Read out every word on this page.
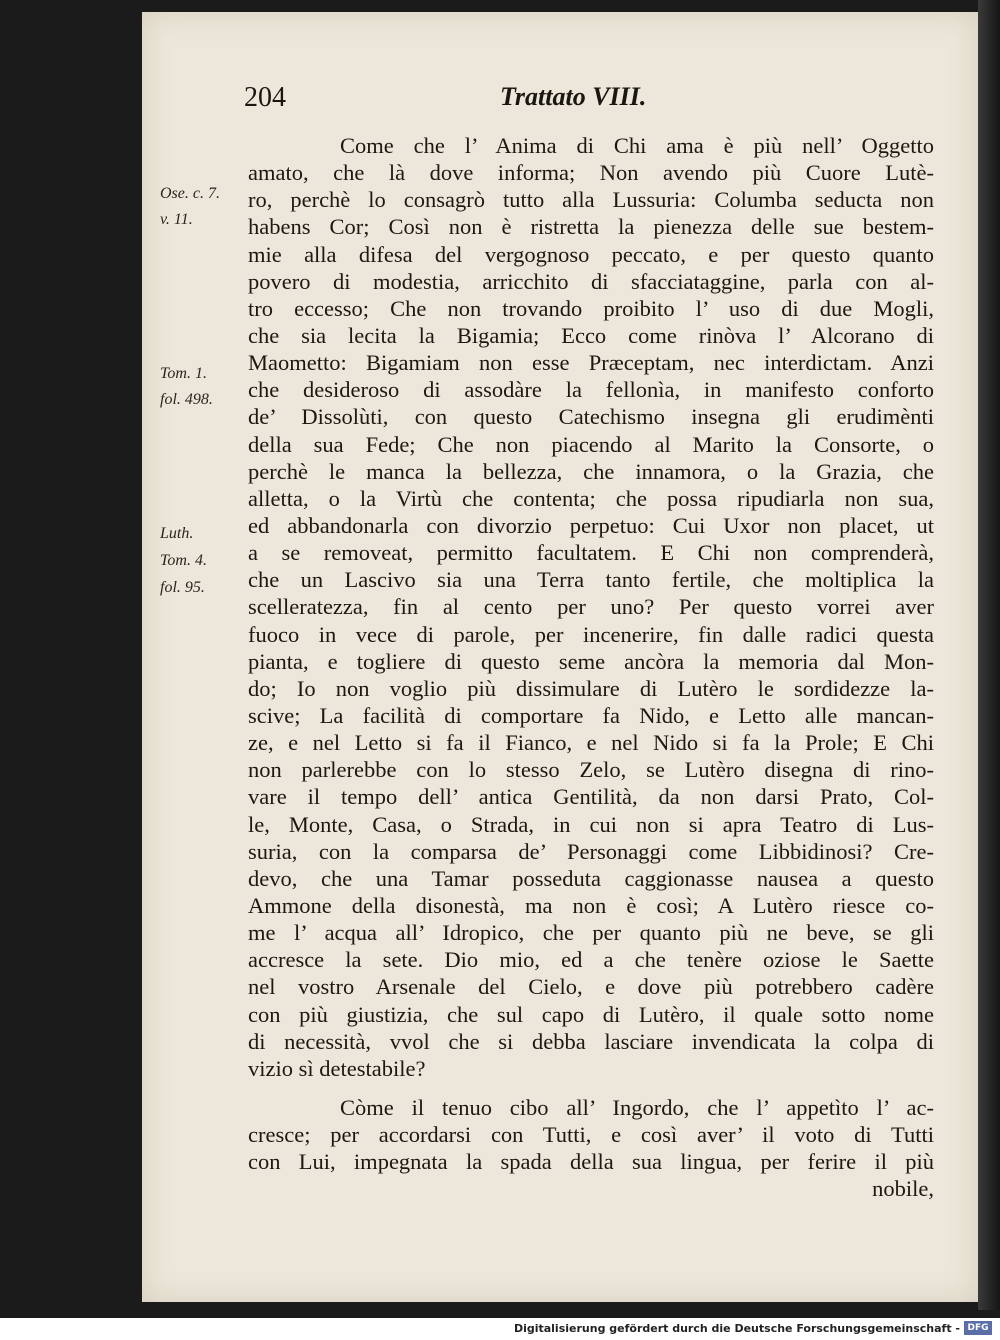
204	Trattato VIII.
Ose. c. 7.
v. 11.
Tom. 1.
fol. 498.
Luth.
Tom. 4.
fol. 95.
Come che l’ Anima di Chi ama è più nell’ Oggetto
amato, che là dove informa; Non avendo più Cuore Lutè-
ro, perchè lo consagrò tutto alla Lussuria: Columba seducta non
habens Cor; Così non è ristretta la pienezza delle sue bestem-
mie alla difesa del vergognoso peccato, e per questo quanto
povero di modestia, arricchito di sfacciataggine, parla con al-
tro eccesso; Che non trovando proibito l’ uso di due Mogli,
che sia lecita la Bigamia; Ecco come rinòva l’ Alcorano di
Maometto: Bigamiam non esse Præceptam, nec interdictam. Anzi
che desideroso di assodàre la fellonìa, in manifesto conforto
de’ Dissolùti, con questo Catechismo insegna gli erudimènti
della sua Fede; Che non piacendo al Marito la Consorte, o
perchè le manca la bellezza, che innamora, o la Grazia, che
alletta, o la Virtù che contenta; che possa ripudiarla non sua,
ed abbandonarla con divorzio perpetuo: Cui Uxor non placet, ut
a se removeat, permitto facultatem. E Chi non comprenderà,
che un Lascivo sia una Terra tanto fertile, che moltiplica la
scelleratezza, fin al cento per uno? Per questo vorrei aver
fuoco in vece di parole, per incenerire, fin dalle radici questa
pianta, e togliere di questo seme ancòra la memoria dal Mon-
do; Io non voglio più dissimulare di Lutèro le sordidezze la-
scive; La facilità di comportare fa Nido, e Letto alle mancan-
ze, e nel Letto si fa il Fianco, e nel Nido si fa la Prole; E Chi
non parlerebbe con lo stesso Zelo, se Lutèro disegna di rino-
vare il tempo dell’ antica Gentilità, da non darsi Prato, Col-
le, Monte, Casa, o Strada, in cui non si apra Teatro di Lus-
suria, con la comparsa de’ Personaggi come Libbidinosi? Cre-
devo, che una Tamar posseduta caggionasse nausea a questo
Ammone della disonestà, ma non è così; A Lutèro riesce co-
me l’ acqua all’ Idropico, che per quanto più ne beve, se gli
accresce la sete. Dio mio, ed a che tenère oziose le Saette
nel vostro Arsenale del Cielo, e dove più potrebbero cadère
con più giustizia, che sul capo di Lutèro, il quale sotto nome
di necessità, vvol che si debba lasciare invendicata la colpa di
vizio sì detestabile?
Còme il tenuo cibo all’ Ingordo, che l’ appetìto l’ ac-
cresce; per accordarsi con Tutti, e così aver’ il voto di Tutti
con Lui, impegnata la spada della sua lingua, per ferire il più
nobile,
Digitalisierung gefördert durch die Deutsche Forschungsgemeinschaft - DFG
